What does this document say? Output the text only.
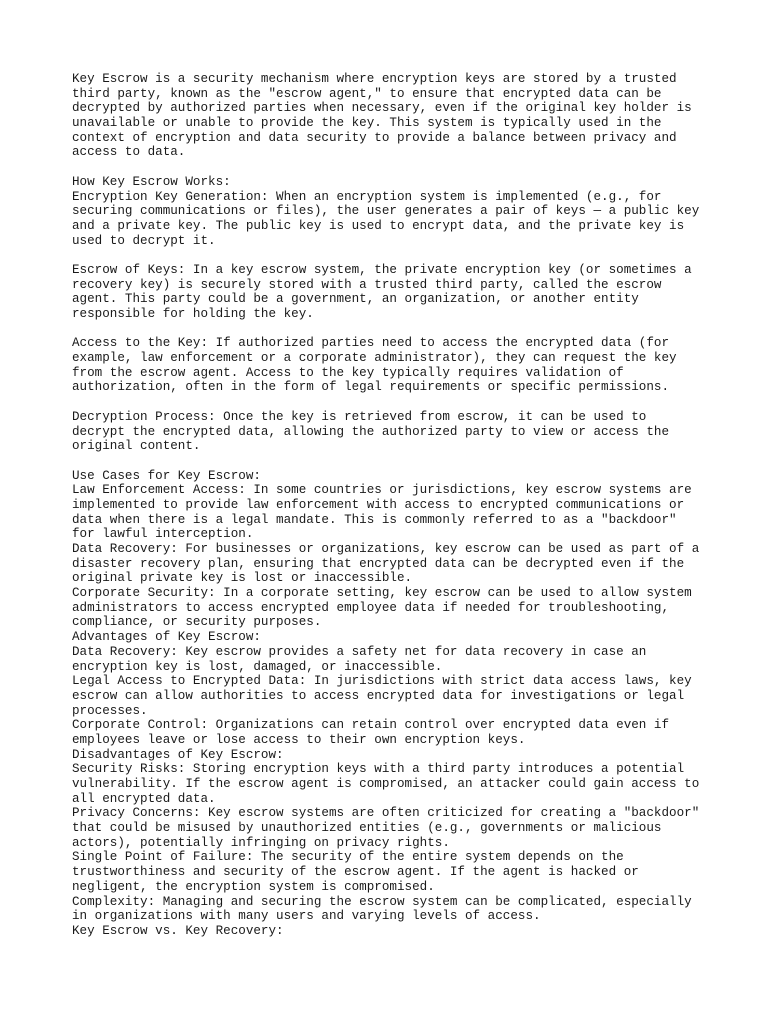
Key Escrow is a security mechanism where encryption keys are stored by a trusted
third party, known as the "escrow agent," to ensure that encrypted data can be
decrypted by authorized parties when necessary, even if the original key holder is
unavailable or unable to provide the key. This system is typically used in the
context of encryption and data security to provide a balance between privacy and
access to data.
How Key Escrow Works:
Encryption Key Generation: When an encryption system is implemented (e.g., for
securing communications or files), the user generates a pair of keys — a public key
and a private key. The public key is used to encrypt data, and the private key is
used to decrypt it.
Escrow of Keys: In a key escrow system, the private encryption key (or sometimes a
recovery key) is securely stored with a trusted third party, called the escrow
agent. This party could be a government, an organization, or another entity
responsible for holding the key.
Access to the Key: If authorized parties need to access the encrypted data (for
example, law enforcement or a corporate administrator), they can request the key
from the escrow agent. Access to the key typically requires validation of
authorization, often in the form of legal requirements or specific permissions.
Decryption Process: Once the key is retrieved from escrow, it can be used to
decrypt the encrypted data, allowing the authorized party to view or access the
original content.
Use Cases for Key Escrow:
Law Enforcement Access: In some countries or jurisdictions, key escrow systems are
implemented to provide law enforcement with access to encrypted communications or
data when there is a legal mandate. This is commonly referred to as a "backdoor"
for lawful interception.
Data Recovery: For businesses or organizations, key escrow can be used as part of a
disaster recovery plan, ensuring that encrypted data can be decrypted even if the
original private key is lost or inaccessible.
Corporate Security: In a corporate setting, key escrow can be used to allow system
administrators to access encrypted employee data if needed for troubleshooting,
compliance, or security purposes.
Advantages of Key Escrow:
Data Recovery: Key escrow provides a safety net for data recovery in case an
encryption key is lost, damaged, or inaccessible.
Legal Access to Encrypted Data: In jurisdictions with strict data access laws, key
escrow can allow authorities to access encrypted data for investigations or legal
processes.
Corporate Control: Organizations can retain control over encrypted data even if
employees leave or lose access to their own encryption keys.
Disadvantages of Key Escrow:
Security Risks: Storing encryption keys with a third party introduces a potential
vulnerability. If the escrow agent is compromised, an attacker could gain access to
all encrypted data.
Privacy Concerns: Key escrow systems are often criticized for creating a "backdoor"
that could be misused by unauthorized entities (e.g., governments or malicious
actors), potentially infringing on privacy rights.
Single Point of Failure: The security of the entire system depends on the
trustworthiness and security of the escrow agent. If the agent is hacked or
negligent, the encryption system is compromised.
Complexity: Managing and securing the escrow system can be complicated, especially
in organizations with many users and varying levels of access.
Key Escrow vs. Key Recovery:
